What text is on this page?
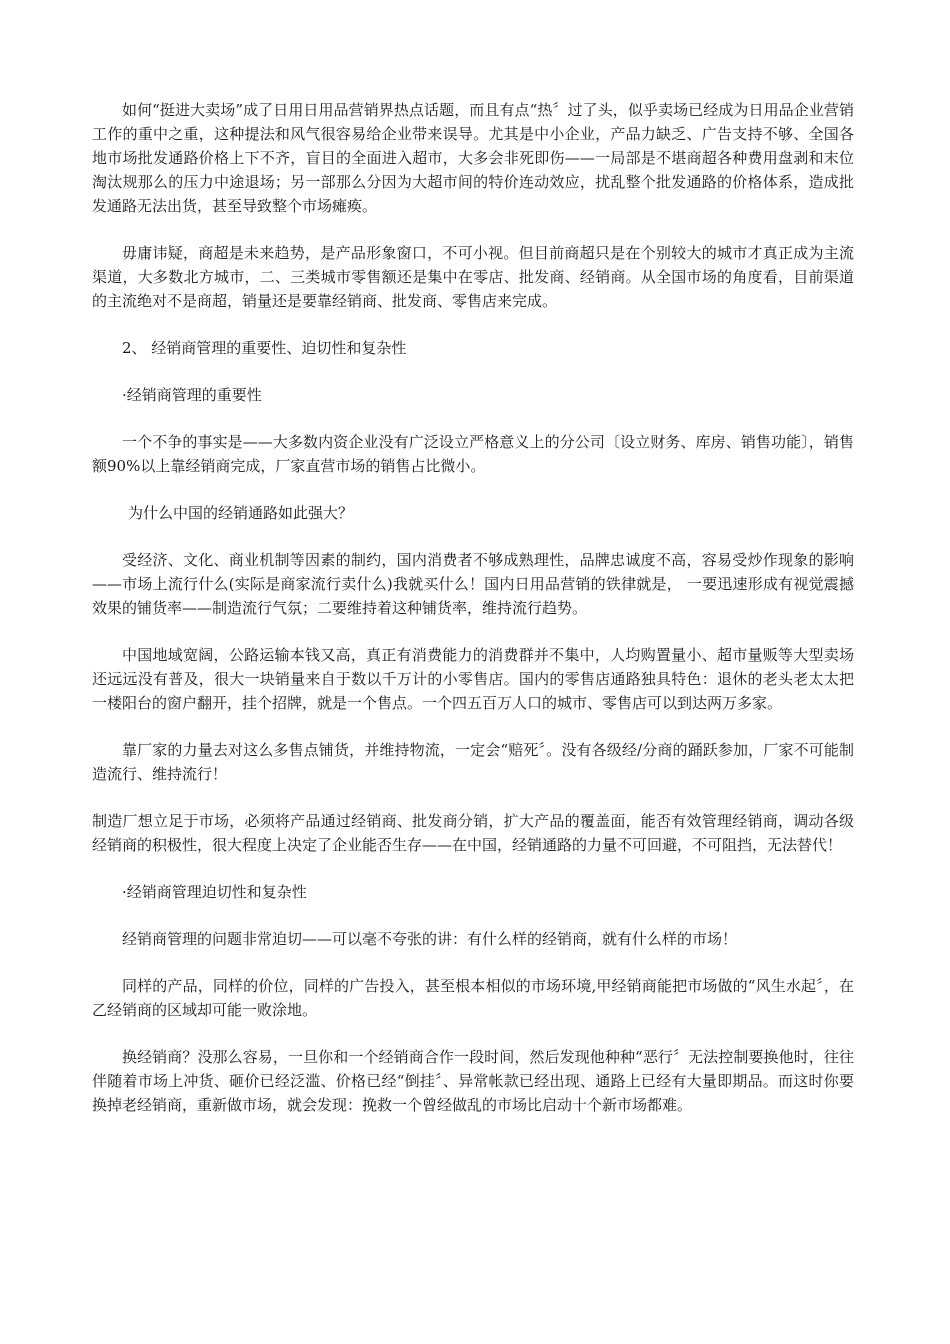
如何“挺进大卖场”成了日用日用品营销界热点话题，而且有点“热〞过了头，似乎卖场已经成为日用品企业营销工作的重中之重，这种提法和风气很容易给企业带来误导。尤其是中小企业，产品力缺乏、广告支持不够、全国各地市场批发通路价格上下不齐，盲目的全面进入超市，大多会非死即伤——一局部是不堪商超各种费用盘剥和末位淘汰规那么的压力中途退场；另一部那么分因为大超市间的特价连动效应，扰乱整个批发通路的价格体系，造成批发通路无法出货，甚至导致整个市场瘫痪。

毋庸讳疑，商超是未来趋势，是产品形象窗口，不可小视。但目前商超只是在个别较大的城市才真正成为主流渠道，大多数北方城市，二、三类城市零售额还是集中在零店、批发商、经销商。从全国市场的角度看，目前渠道的主流绝对不是商超，销量还是要靠经销商、批发商、零售店来完成。

2、 经销商管理的重要性、迫切性和复杂性

·经销商管理的重要性

一个不争的事实是——大多数内资企业没有广泛设立严格意义上的分公司〔设立财务、库房、销售功能〕，销售额90%以上靠经销商完成，厂家直营市场的销售占比微小。

为什么中国的经销通路如此强大？

受经济、文化、商业机制等因素的制约，国内消费者不够成熟理性，品牌忠诚度不高，容易受炒作现象的影响——市场上流行什么(实际是商家流行卖什么)我就买什么！国内日用品营销的铁律就是， 一要迅速形成有视觉震撼效果的铺货率——制造流行气氛；二要维持着这种铺货率，维持流行趋势。

中国地域宽阔，公路运输本钱又高，真正有消费能力的消费群并不集中，人均购置量小、超市量贩等大型卖场还远远没有普及，很大一块销量来自于数以千万计的小零售店。国内的零售店通路独具特色：退休的老头老太太把一楼阳台的窗户翻开，挂个招牌，就是一个售点。一个四五百万人口的城市、零售店可以到达两万多家。

靠厂家的力量去对这么多售点铺货，并维持物流，一定会“赔死〞。没有各级经/分商的踊跃参加，厂家不可能制造流行、维持流行！

制造厂想立足于市场，必须将产品通过经销商、批发商分销，扩大产品的覆盖面，能否有效管理经销商，调动各级经销商的积极性，很大程度上决定了企业能否生存——在中国，经销通路的力量不可回避，不可阻挡，无法替代！

·经销商管理迫切性和复杂性

经销商管理的问题非常迫切——可以毫不夸张的讲：有什么样的经销商，就有什么样的市场！

同样的产品，同样的价位，同样的广告投入，甚至根本相似的市场环境,甲经销商能把市场做的“风生水起〞，在乙经销商的区域却可能一败涂地。

换经销商？没那么容易，一旦你和一个经销商合作一段时间，然后发现他种种“恶行〞无法控制要换他时，往往伴随着市场上冲货、砸价已经泛滥、价格已经“倒挂〞、异常帐款已经出现、通路上已经有大量即期品。而这时你要换掉老经销商，重新做市场，就会发现：挽救一个曾经做乱的市场比启动十个新市场都难。
